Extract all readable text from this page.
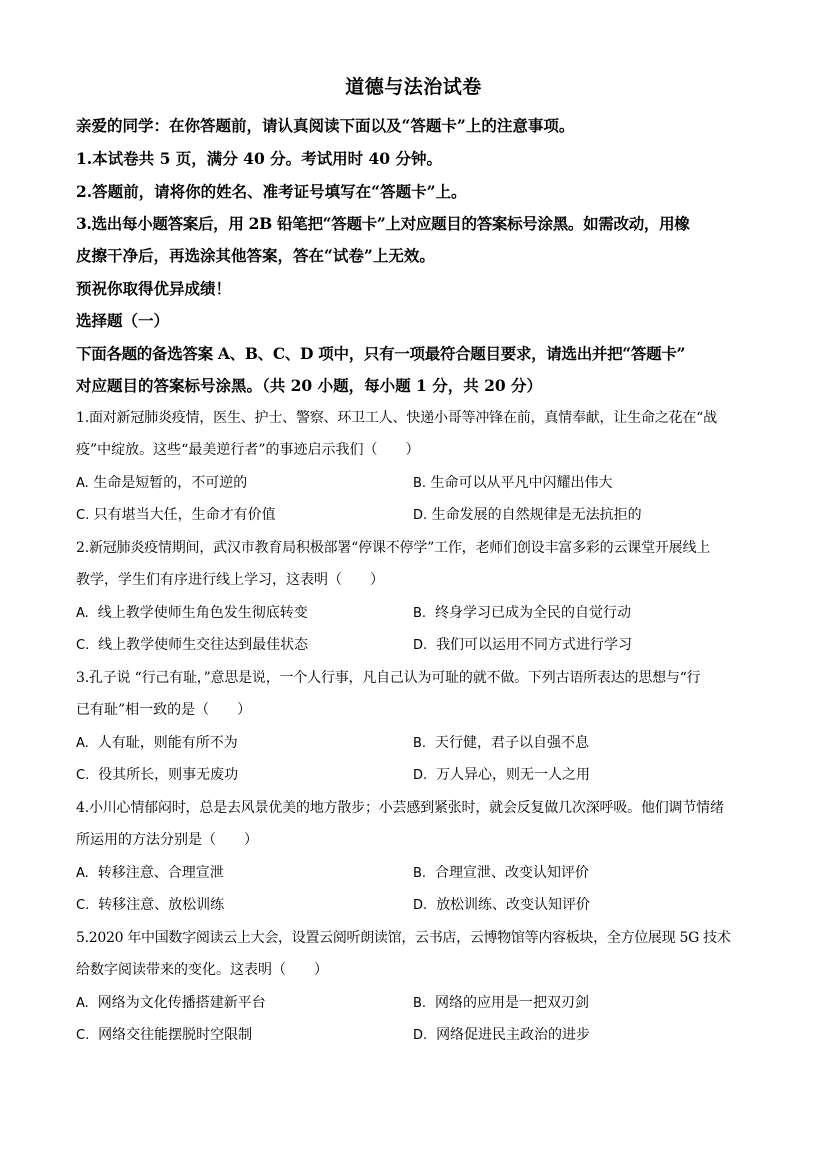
道德与法治试卷
亲爱的同学：在你答题前，请认真阅读下面以及“答题卡”上的注意事项。
1.本试卷共 5 页，满分 40 分。考试用时 40 分钟。
2.答题前，请将你的姓名、准考证号填写在“答题卡”上。
3.选出每小题答案后，用 2B 铅笔把“答题卡”上对应题目的答案标号涂黑。如需改动，用橡
皮擦干净后，再选涂其他答案，答在“试卷”上无效。
预祝你取得优异成绩！
选择题（一）
下面各题的备选答案 A、B、C、D 项中，只有一项最符合题目要求，请选出并把“答题卡”
对应题目的答案标号涂黑。（共 20 小题，每小题 1 分，共 20 分）
1.面对新冠肺炎疫情，医生、护士、警察、环卫工人、快递小哥等冲锋在前，真情奉献，让生命之花在“战
疫”中绽放。这些“最美逆行者”的事迹启示我们（　　）
A. 生命是短暂的，不可逆的	B. 生命可以从平凡中闪耀出伟大
C. 只有堪当大任，生命才有价值	D. 生命发展的自然规律是无法抗拒的
2.新冠肺炎疫情期间，武汉市教育局积极部署“停课不停学”工作，老师们创设丰富多彩的云课堂开展线上
教学，学生们有序进行线上学习，这表明（　　）
A. 线上教学使师生角色发生彻底转变	B. 终身学习已成为全民的自觉行动
C. 线上教学使师生交往达到最佳状态	D. 我们可以运用不同方式进行学习
3.孔子说 “行己有耻，”意思是说，一个人行事，凡自己认为可耻的就不做。下列古语所表达的思想与“行
已有耻”相一致的是（　　）
A. 人有耻，则能有所不为	B. 天行健，君子以自强不息
C. 役其所长，则事无废功	D. 万人异心，则无一人之用
4.小川心情郁闷时，总是去风景优美的地方散步；小芸感到紧张时，就会反复做几次深呼吸。他们调节情绪
所运用的方法分别是（　　）
A. 转移注意、合理宣泄	B. 合理宣泄、改变认知评价
C. 转移注意、放松训练	D. 放松训练、改变认知评价
5.2020 年中国数字阅读云上大会，设置云阅听朗读馆，云书店，云博物馆等内容板块，全方位展现 5G 技术
给数字阅读带来的变化。这表明（　　）
A. 网络为文化传播搭建新平台	B. 网络的应用是一把双刃剑
C. 网络交往能摆脱时空限制	D. 网络促进民主政治的进步
